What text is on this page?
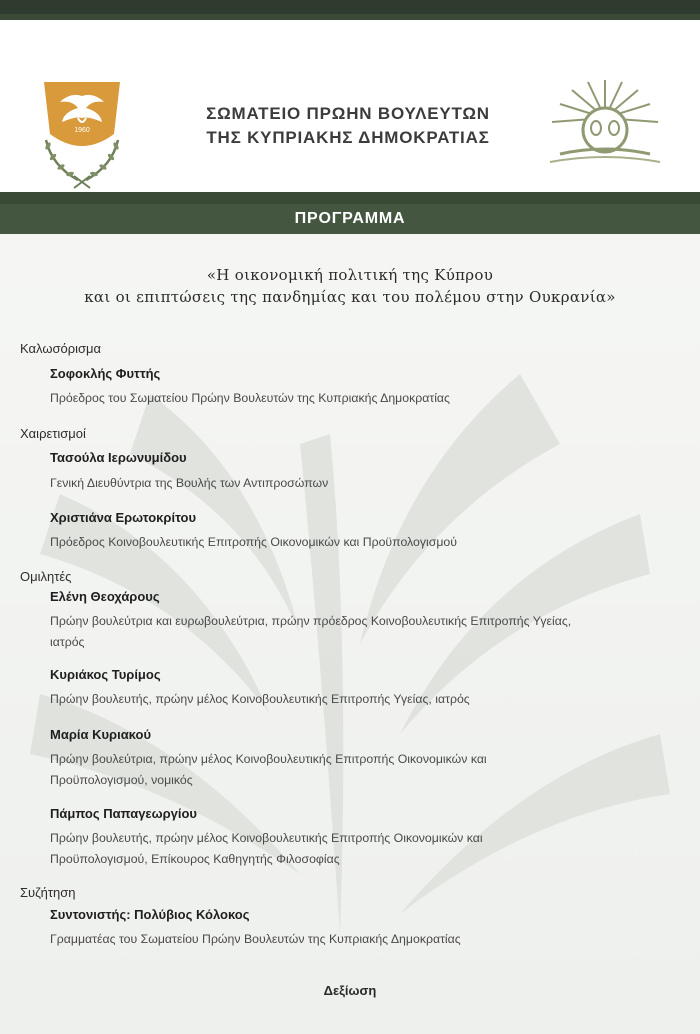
1960
ΣΩΜΑΤΕΙΟ ΠΡΩΗΝ ΒΟΥΛΕΥΤΩΝ
ΤΗΣ ΚΥΠΡΙΑΚΗΣ ΔΗΜΟΚΡΑΤΙΑΣ
ΠΡΟΓΡΑΜΜΑ
«Η οικονομική πολιτική της Κύπρου
και οι επιπτώσεις της πανδημίας και του πολέμου στην Ουκρανία»
Καλωσόρισμα
Σοφοκλής Φυττής
Πρόεδρος του Σωματείου Πρώην Βουλευτών της Κυπριακής Δημοκρατίας
Χαιρετισμοί
Τασούλα Ιερωνυμίδου
Γενική Διευθύντρια της Βουλής των Αντιπροσώπων
Χριστιάνα Ερωτοκρίτου
Πρόεδρος Κοινοβουλευτικής Επιτροπής Οικονομικών και Προϋπολογισμού
Ομιλητές
Ελένη Θεοχάρους
Πρώην βουλεύτρια και ευρωβουλεύτρια, πρώην πρόεδρος Κοινοβουλευτικής Επιτροπής Υγείας,
ιατρός
Κυριάκος Τυρίμος
Πρώην βουλευτής, πρώην μέλος Κοινοβουλευτικής Επιτροπής Υγείας, ιατρός
Μαρία Κυριακού
Πρώην βουλεύτρια, πρώην μέλος Κοινοβουλευτικής Επιτροπής Οικονομικών και
Προϋπολογισμού, νομικός
Πάμπος Παπαγεωργίου
Πρώην βουλευτής, πρώην μέλος Κοινοβουλευτικής Επιτροπής Οικονομικών και
Προϋπολογισμού, Επίκουρος Καθηγητής Φιλοσοφίας
Συζήτηση
Συντονιστής: Πολύβιος Κόλοκος
Γραμματέας του Σωματείου Πρώην Βουλευτών της Κυπριακής Δημοκρατίας
Δεξίωση
